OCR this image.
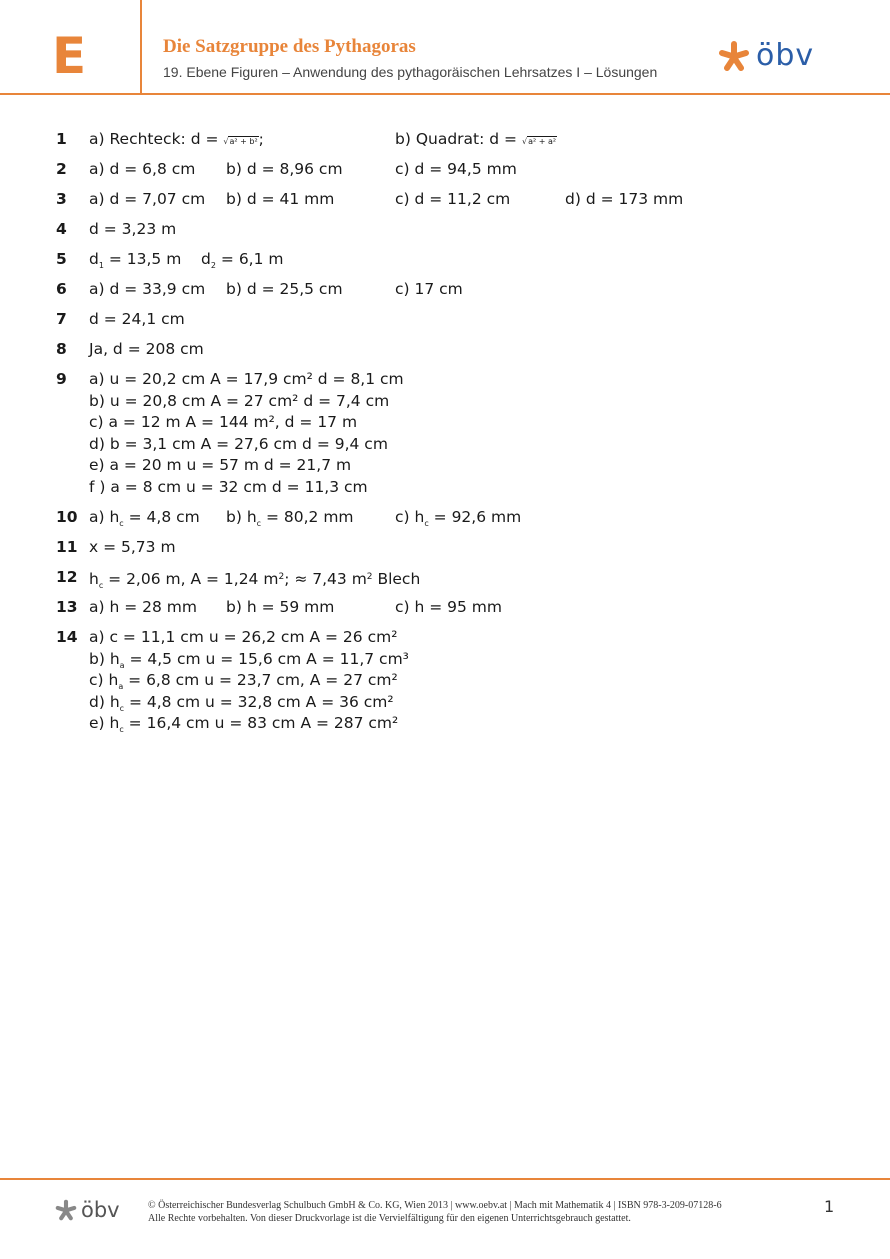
E	Die Satzgruppe des Pythagoras
19. Ebene Figuren – Anwendung des pythagoräischen Lehrsatzes I – Lösungen	öbv
1 a) Rechteck: d = √a² + b²;	b) Quadrat: d = √a² + a²
2 a) d = 6,8 cm b) d = 8,96 cm	c) d = 94,5 mm
3 a) d = 7,07 cm b) d = 41 mm	c) d = 11,2 cm	d) d = 173 mm
4 d = 3,23 m
5 $d_1 = 13,5$ m $d_2 = 6,1$ m
6 a) d = 33,9 cm b) d = 25,5 cm	c) 17 cm
7 d = 24,1 cm
8 Ja, d = 208 cm
9 a) u = 20,2 cm A = 17,9 cm² d = 8,1 cm
b) u = 20,8 cm A = 27 cm² d = 7,4 cm
c) a = 12 m A = 144 m², d = 17 m
d) b = 3,1 cm A = 27,6 cm d = 9,4 cm
e) a = 20 m u = 57 m d = 21,7 m
f ) a = 8 cm u = 32 cm d = 11,3 cm
10 a) $h_c = 4,8$ cm b) $h_c = 80,2$ mm	c) $h_c = 92,6$ mm
11 x = 5,73 m
12 $h_c = 2,06$ m, A = 1,24 $m^2$; ≈ 7,43 $m^2$ Blech
13 a) h = 28 mm b) h = 59 mm	c) h = 95 mm
14 a) c = 11,1 cm u = 26,2 cm A = 26 cm²
b) $h_a = 4,5$ cm u = 15,6 cm A = 11,7 cm³
c) $h_a = 6,8$ cm u = 23,7 cm, A = 27 cm²
d) $h_c = 4,8$ cm u = 32,8 cm A = 36 cm²
e) $h_c = 16,4$ cm u = 83 cm A = 287 cm²
öbv	© Österreichischer Bundesverlag Schulbuch GmbH & Co. KG, Wien 2013 | www.oebv.at | Mach mit Mathematik 4 | ISBN 978-3-209-07128-6
Alle Rechte vorbehalten. Von dieser Druckvorlage ist die Vervielfältigung für den eigenen Unterrichtsgebrauch gestattet.
1
